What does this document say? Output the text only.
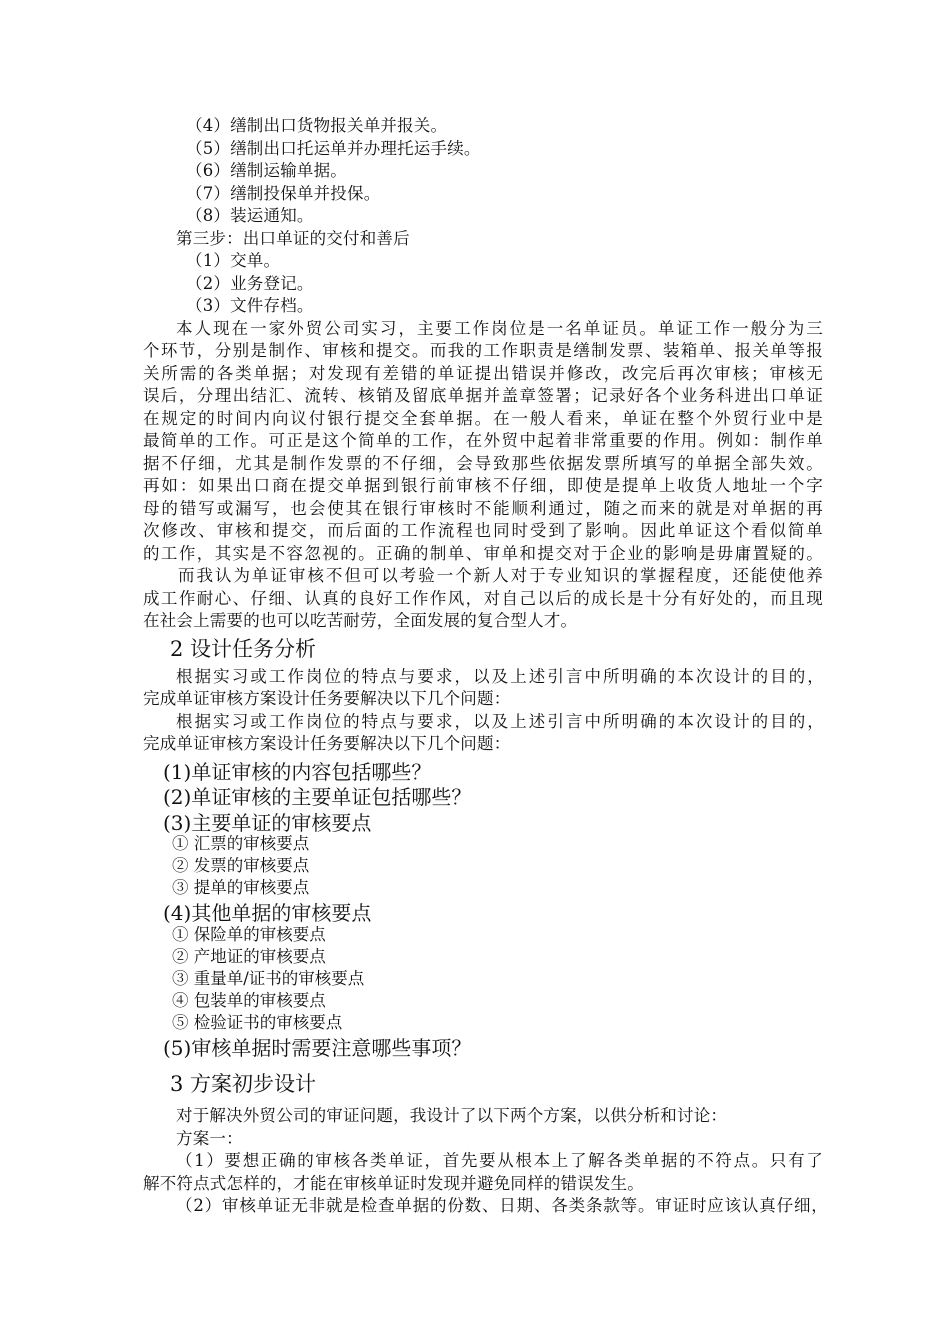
（4）缮制出口货物报关单并报关。
（5）缮制出口托运单并办理托运手续。
（6）缮制运输单据。
（7）缮制投保单并投保。
（8）装运通知。
第三步：出口单证的交付和善后
（1）交单。
（2）业务登记。
（3）文件存档。
本人现在一家外贸公司实习，主要工作岗位是一名单证员。单证工作一般分为三
个环节，分别是制作、审核和提交。而我的工作职责是缮制发票、装箱单、报关单等报
关所需的各类单据；对发现有差错的单证提出错误并修改，改完后再次审核；审核无
误后，分理出结汇、流转、核销及留底单据并盖章签署；记录好各个业务科进出口单证
在规定的时间内向议付银行提交全套单据。在一般人看来，单证在整个外贸行业中是
最简单的工作。可正是这个简单的工作，在外贸中起着非常重要的作用。例如：制作单
据不仔细，尤其是制作发票的不仔细，会导致那些依据发票所填写的单据全部失效。
再如：如果出口商在提交单据到银行前审核不仔细，即使是提单上收货人地址一个字
母的错写或漏写，也会使其在银行审核时不能顺利通过，随之而来的就是对单据的再
次修改、审核和提交，而后面的工作流程也同时受到了影响。因此单证这个看似简单
的工作，其实是不容忽视的。正确的制单、审单和提交对于企业的影响是毋庸置疑的。
而我认为单证审核不但可以考验一个新人对于专业知识的掌握程度，还能使他养
成工作耐心、仔细、认真的良好工作作风，对自己以后的成长是十分有好处的，而且现
在社会上需要的也可以吃苦耐劳，全面发展的复合型人才。
2 设计任务分析
根据实习或工作岗位的特点与要求，以及上述引言中所明确的本次设计的目的，
完成单证审核方案设计任务要解决以下几个问题：
根据实习或工作岗位的特点与要求，以及上述引言中所明确的本次设计的目的，
完成单证审核方案设计任务要解决以下几个问题：
(1)单证审核的内容包括哪些？
(2)单证审核的主要单证包括哪些？
(3)主要单证的审核要点
① 汇票的审核要点
② 发票的审核要点
③ 提单的审核要点
(4)其他单据的审核要点
① 保险单的审核要点
② 产地证的审核要点
③ 重量单/证书的审核要点
④ 包装单的审核要点
⑤ 检验证书的审核要点
(5)审核单据时需要注意哪些事项？
3 方案初步设计
对于解决外贸公司的审证问题，我设计了以下两个方案，以供分析和讨论：
方案一：
（1）要想正确的审核各类单证，首先要从根本上了解各类单据的不符点。只有了
解不符点式怎样的，才能在审核单证时发现并避免同样的错误发生。
（2）审核单证无非就是检查单据的份数、日期、各类条款等。审证时应该认真仔细，
